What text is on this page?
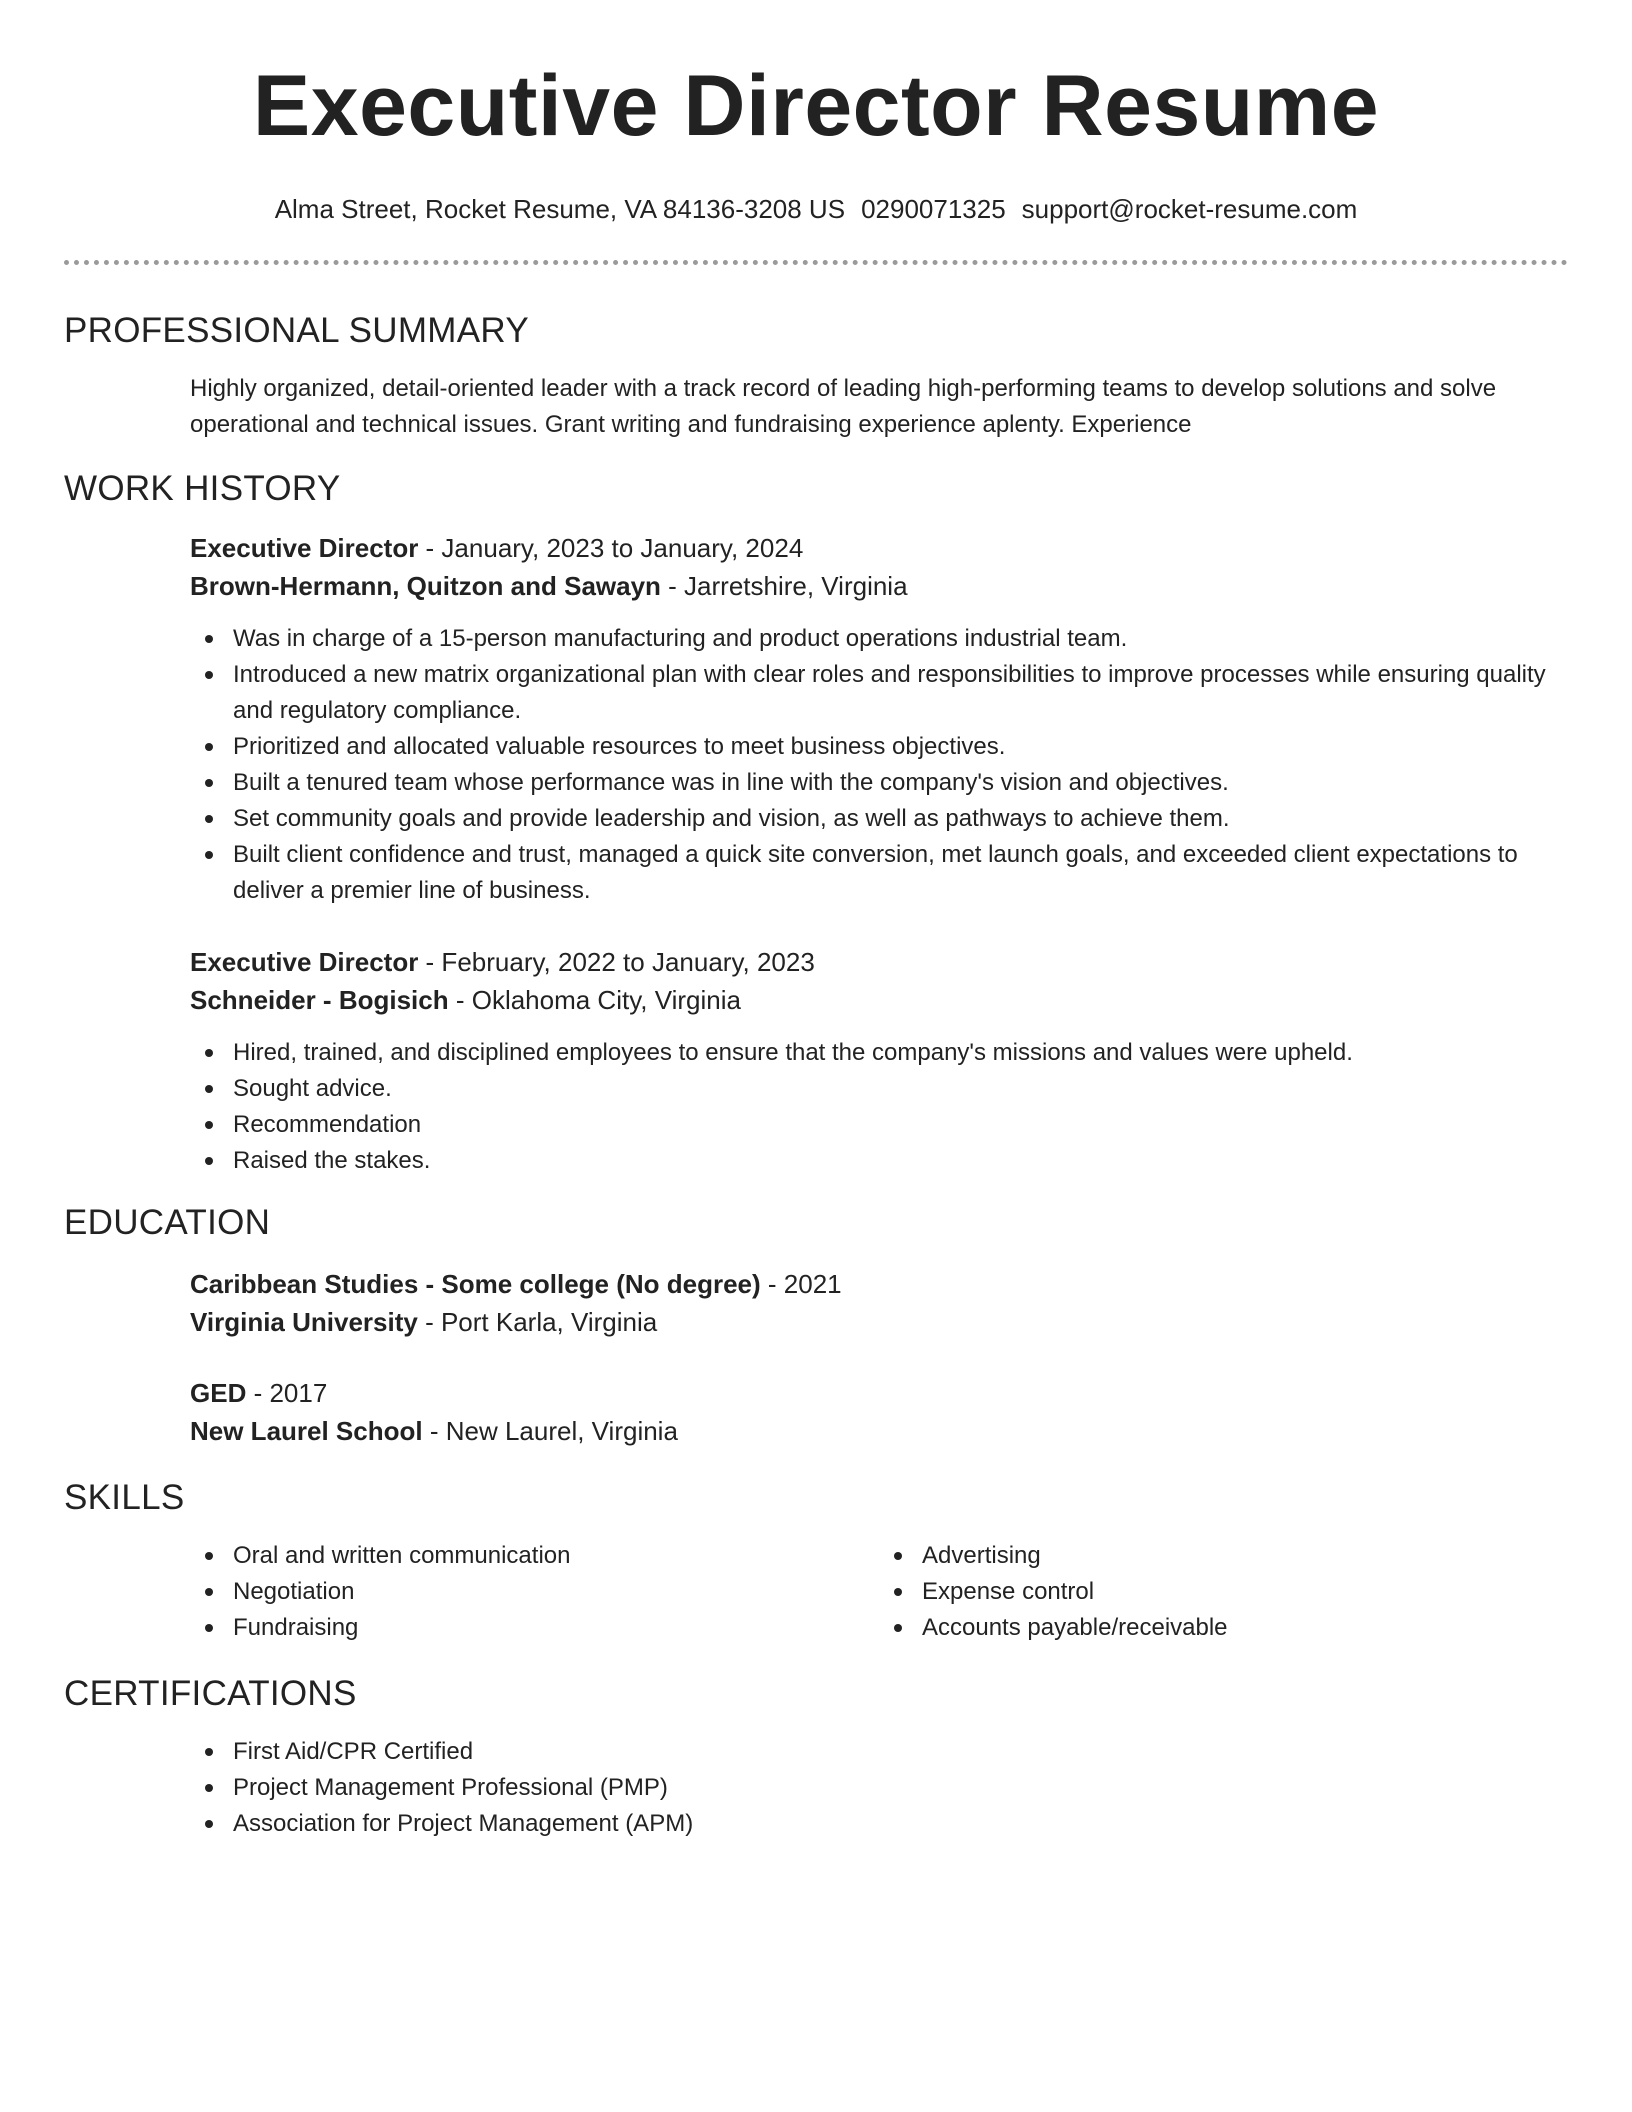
Executive Director Resume
Alma Street, Rocket Resume, VA 84136-3208 US 0290071325 support@rocket-resume.com
PROFESSIONAL SUMMARY
Highly organized, detail-oriented leader with a track record of leading high-performing teams to develop solutions and solve operational and technical issues. Grant writing and fundraising experience aplenty. Experience
WORK HISTORY
Executive Director - January, 2023 to January, 2024
Brown-Hermann, Quitzon and Sawayn - Jarretshire, Virginia
Was in charge of a 15-person manufacturing and product operations industrial team.
Introduced a new matrix organizational plan with clear roles and responsibilities to improve processes while ensuring quality and regulatory compliance.
Prioritized and allocated valuable resources to meet business objectives.
Built a tenured team whose performance was in line with the company's vision and objectives.
Set community goals and provide leadership and vision, as well as pathways to achieve them.
Built client confidence and trust, managed a quick site conversion, met launch goals, and exceeded client expectations to deliver a premier line of business.
Executive Director - February, 2022 to January, 2023
Schneider - Bogisich - Oklahoma City, Virginia
Hired, trained, and disciplined employees to ensure that the company's missions and values were upheld.
Sought advice.
Recommendation
Raised the stakes.
EDUCATION
Caribbean Studies - Some college (No degree) - 2021
Virginia University - Port Karla, Virginia
GED - 2017
New Laurel School - New Laurel, Virginia
SKILLS
Oral and written communication
Negotiation
Fundraising
Advertising
Expense control
Accounts payable/receivable
CERTIFICATIONS
First Aid/CPR Certified
Project Management Professional (PMP)
Association for Project Management (APM)
